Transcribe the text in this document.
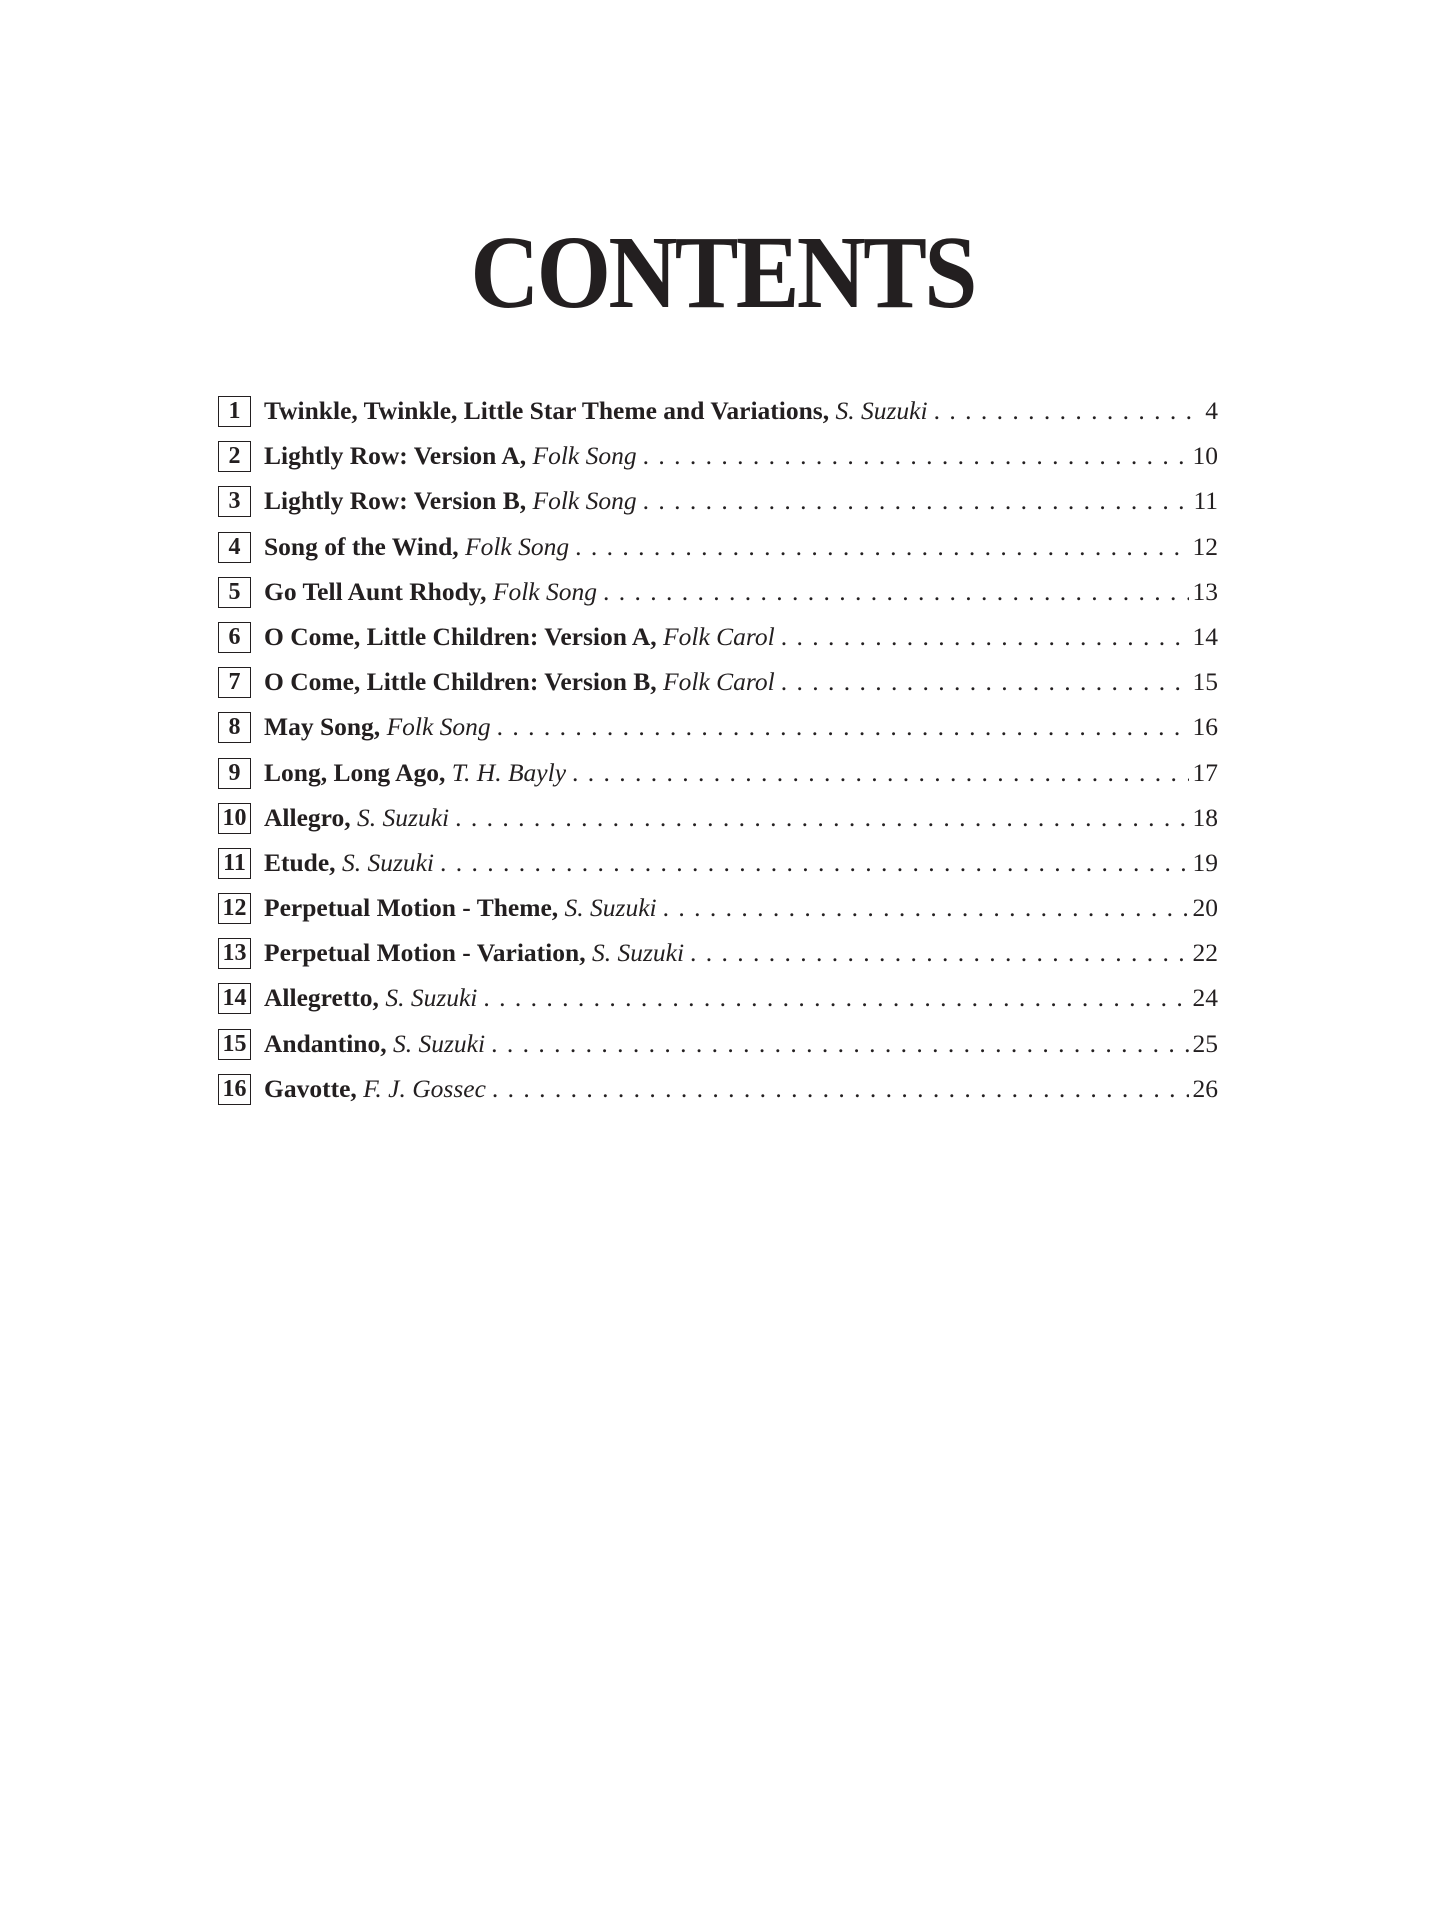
CONTENTS
1 Twinkle, Twinkle, Little Star Theme and Variations, S. Suzuki . . .	4
2 Lightly Row: Version A, Folk Song . . .	10
3 Lightly Row: Version B, Folk Song . . .	11
4 Song of the Wind, Folk Song . . .	12
5 Go Tell Aunt Rhody, Folk Song . . .	13
6 O Come, Little Children: Version A, Folk Carol . . .	14
7 O Come, Little Children: Version B, Folk Carol . . .	15
8 May Song, Folk Song . . .	16
9 Long, Long Ago, T. H. Bayly . . .	17
10 Allegro, S. Suzuki . . .	18
11 Etude, S. Suzuki . . .	19
12 Perpetual Motion - Theme, S. Suzuki . . .	20
13 Perpetual Motion - Variation, S. Suzuki . . .	22
14 Allegretto, S. Suzuki . . .	24
15 Andantino, S. Suzuki . . .	25
16 Gavotte, F. J. Gossec . . .	26
